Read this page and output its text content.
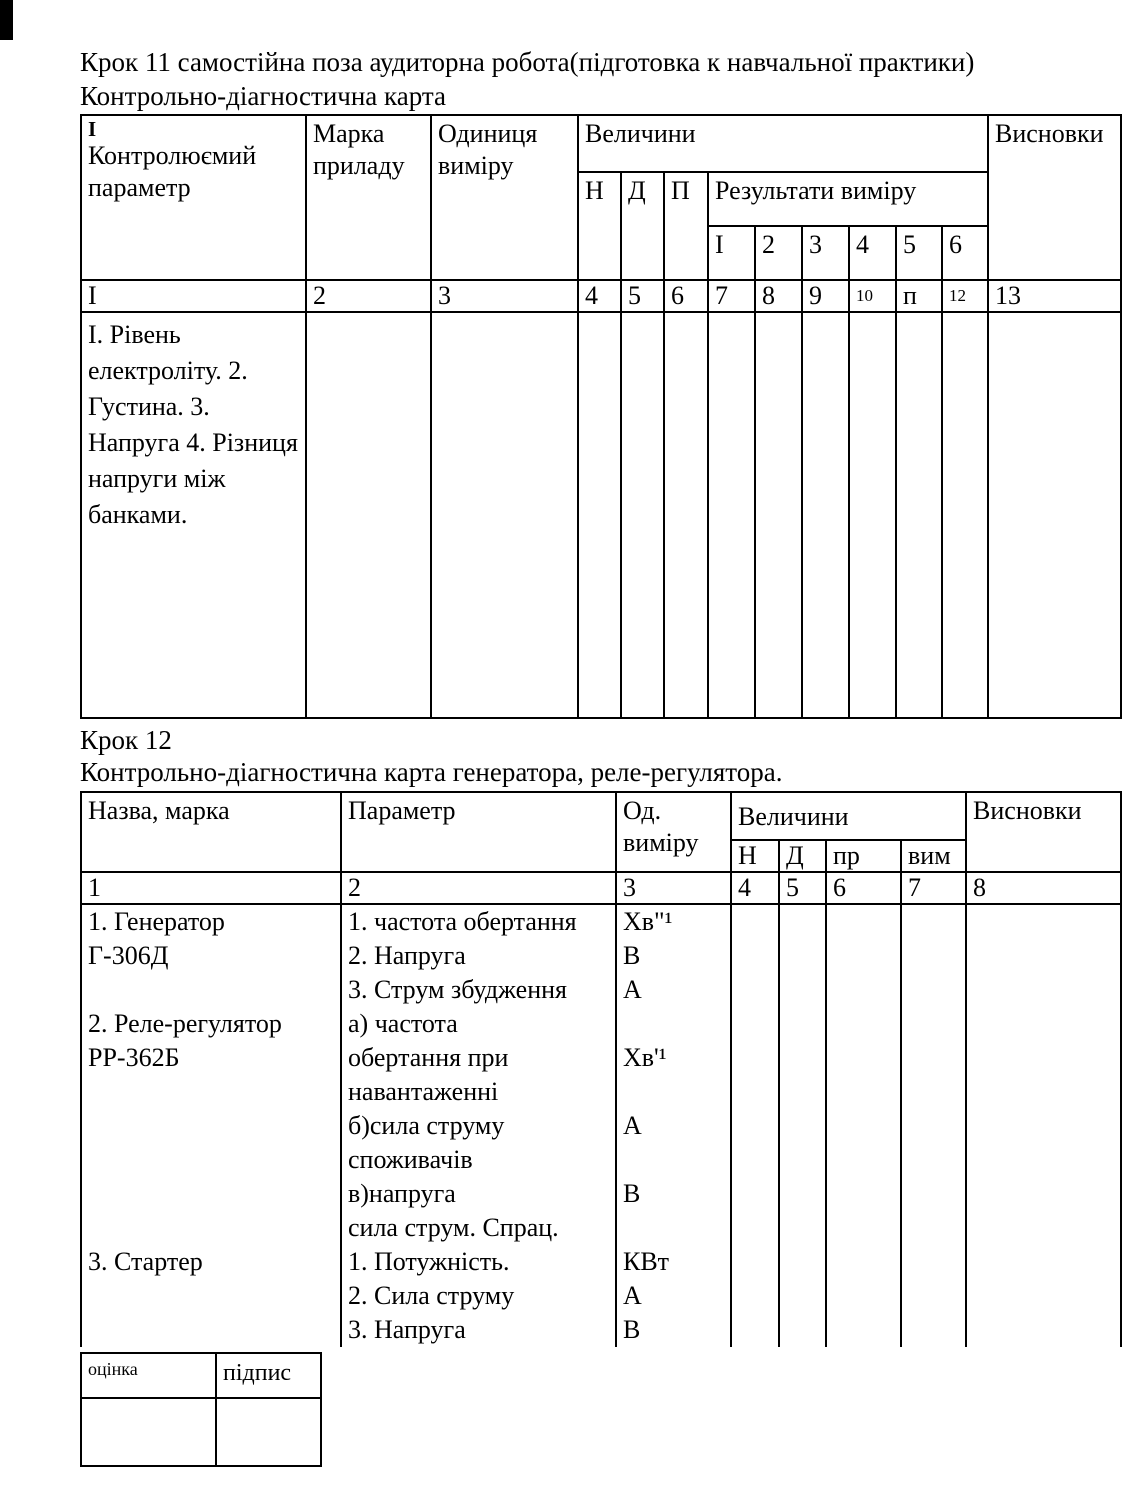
Крок 11 самостійна поза аудиторна робота(підготовка к навчальної практики)
Контрольно-діагностична карта
I
Контролюємий параметр	Марка приладу	Одиниця виміру	Величини									Висновки
			Н	Д	П	Результати виміру						
						I	2	3	4	5	6	
I	2	3	4	5	6	7	8	9	10	п	12	13
І. Рівень електроліту. 2. Густина. 3. Напруга 4. Різниця напруги між банками.												
Крок 12
Контрольно-діагностична карта генератора, реле-регулятора.
Назва, марка	Параметр	Од. виміру	Величини				Висновки
			Н	Д	пр	вим	
1	2	3	4	5	6	7	8
1. Генератор	1. частота обертання	Хв"¹					
Г-306Д	2. Напруга	В					
	3. Струм збудження	А					
2. Реле-регулятор	а) частота						
РР-362Б	обертання при	Хв'¹					
	навантаженні						
	б)сила струму	А					
	споживачів						
	в)напруга	В					
	сила струм. Спрац.						
3. Стартер	1. Потужність.	КВт					
	2. Сила струму	А					
	3. Напруга	В					
оцінка	підпис
